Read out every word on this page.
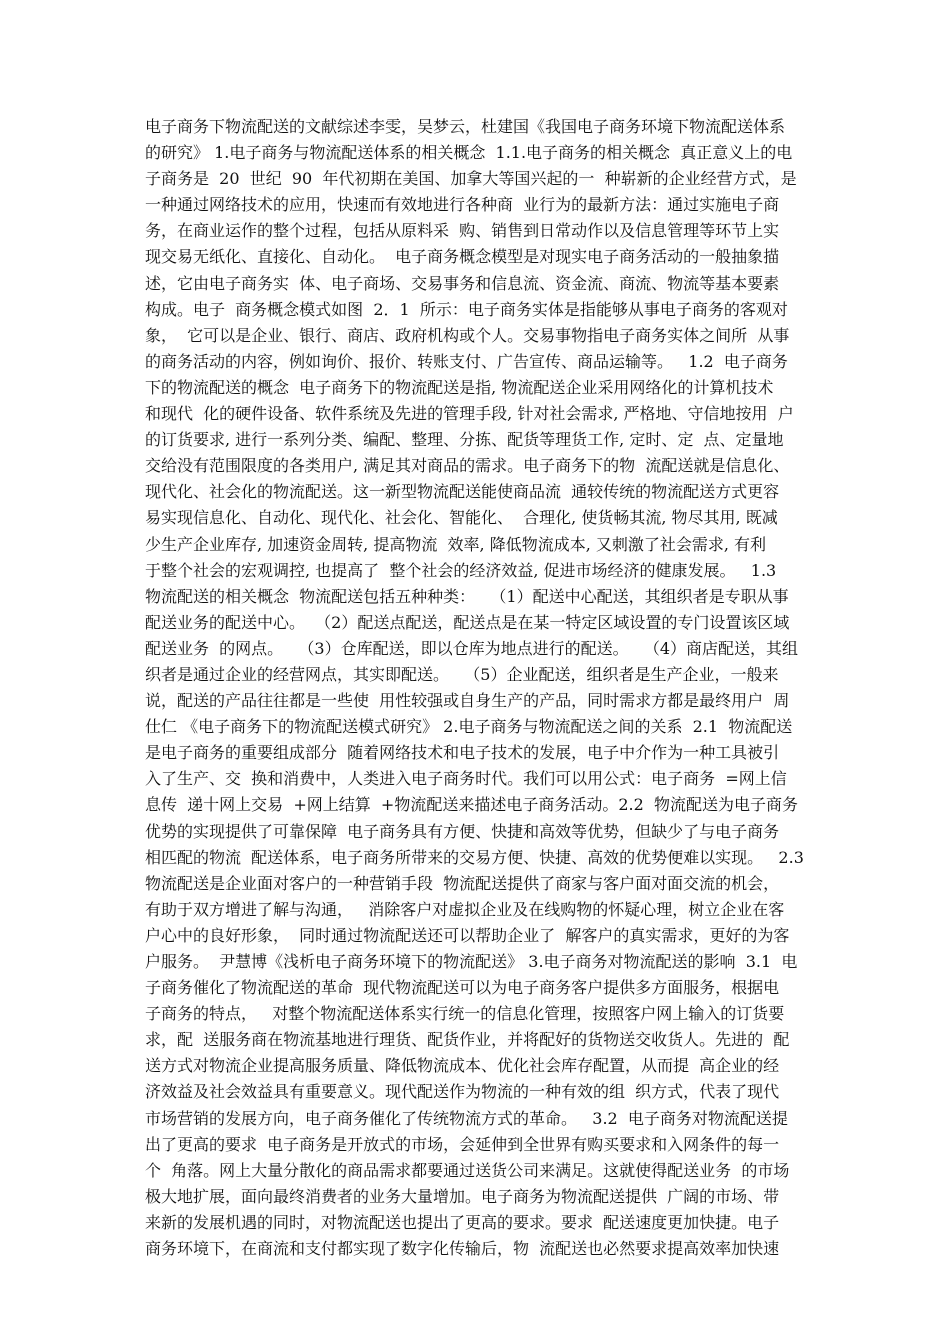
电子商务下物流配送的文献综述李雯，吴梦云，杜建国《我国电子商务环境下物流配送体系
的研究》 1.电子商务与物流配送体系的相关概念  1.1.电子商务的相关概念  真正意义上的电
子商务是  20  世纪  90  年代初期在美国、加拿大等国兴起的一  种崭新的企业经营方式，是
一种通过网络技术的应用，快速而有效地进行各种商  业行为的最新方法：通过实施电子商
务，在商业运作的整个过程，包括从原料采  购、销售到日常动作以及信息管理等环节上实
现交易无纸化、直接化、自动化。  电子商务概念模型是对现实电子商务活动的一般抽象描
述，它由电子商务实  体、电子商场、交易事务和信息流、资金流、商流、物流等基本要素
构成。电子  商务概念模式如图  2．1  所示：电子商务实体是指能够从事电子商务的客观对
象，  它可以是企业、银行、商店、政府机构或个人。交易事物指电子商务实体之间所  从事
的商务活动的内容，例如询价、报价、转账支付、广告宣传、商品运输等。   1.2  电子商务
下的物流配送的概念  电子商务下的物流配送是指, 物流配送企业采用网络化的计算机技术
和现代  化的硬件设备、软件系统及先进的管理手段, 针对社会需求, 严格地、守信地按用  户
的订货要求, 进行一系列分类、编配、整理、分拣、配货等理货工作, 定时、定  点、定量地
交给没有范围限度的各类用户, 满足其对商品的需求。电子商务下的物  流配送就是信息化、
现代化、社会化的物流配送。这一新型物流配送能使商品流  通较传统的物流配送方式更容
易实现信息化、自动化、现代化、社会化、智能化、  合理化, 使货畅其流, 物尽其用, 既减
少生产企业库存, 加速资金周转, 提高物流  效率, 降低物流成本, 又刺激了社会需求, 有利
于整个社会的宏观调控, 也提高了  整个社会的经济效益, 促进市场经济的健康发展。   1.3
物流配送的相关概念  物流配送包括五种种类：   （1）配送中心配送，其组织者是专职从事
配送业务的配送中心。  （2）配送点配送，配送点是在某一特定区域设置的专门设置该区域
配送业务  的网点。   （3）仓库配送，即以仓库为地点进行的配送。   （4）商店配送，其组
织者是通过企业的经营网点，其实即配送。   （5）企业配送，组织者是生产企业，一般来
说，配送的产品往往都是一些使  用性较强或自身生产的产品，同时需求方都是最终用户  周
仕仁 《电子商务下的物流配送模式研究》 2.电子商务与物流配送之间的关系  2.1  物流配送
是电子商务的重要组成部分  随着网络技术和电子技术的发展，电子中介作为一种工具被引
入了生产、交  换和消费中，人类进入电子商务时代。我们可以用公式：电子商务  =网上信
息传  递十网上交易  +网上结算  +物流配送来描述电子商务活动。2.2  物流配送为电子商务
优势的实现提供了可靠保障  电子商务具有方便、快捷和高效等优势，但缺少了与电子商务
相匹配的物流  配送体系，电子商务所带来的交易方便、快捷、高效的优势便难以实现。   2.3
物流配送是企业面对客户的一种营销手段  物流配送提供了商家与客户面对面交流的机会，
有助于双方增进了解与沟通，   消除客户对虚拟企业及在线购物的怀疑心理，树立企业在客
户心中的良好形象，  同时通过物流配送还可以帮助企业了  解客户的真实需求，更好的为客
户服务。  尹慧博《浅析电子商务环境下的物流配送》 3.电子商务对物流配送的影响  3.1  电
子商务催化了物流配送的革命  现代物流配送可以为电子商务客户提供多方面服务，根据电
子商务的特点，   对整个物流配送体系实行统一的信息化管理，按照客户网上输入的订货要
求，配  送服务商在物流基地进行理货、配货作业，并将配好的货物送交收货人。先进的  配
送方式对物流企业提高服务质量、降低物流成本、优化社会库存配置，从而提  高企业的经
济效益及社会效益具有重要意义。现代配送作为物流的一种有效的组  织方式，代表了现代
市场营销的发展方向，电子商务催化了传统物流方式的革命。   3.2  电子商务对物流配送提
出了更高的要求  电子商务是开放式的市场，会延伸到全世界有购买要求和入网条件的每一
个  角落。网上大量分散化的商品需求都要通过送货公司来满足。这就使得配送业务  的市场
极大地扩展，面向最终消费者的业务大量增加。电子商务为物流配送提供  广阔的市场、带
来新的发展机遇的同时，对物流配送也提出了更高的要求。要求  配送速度更加快捷。电子
商务环境下，在商流和支付都实现了数字化传输后，物  流配送也必然要求提高效率加快速
